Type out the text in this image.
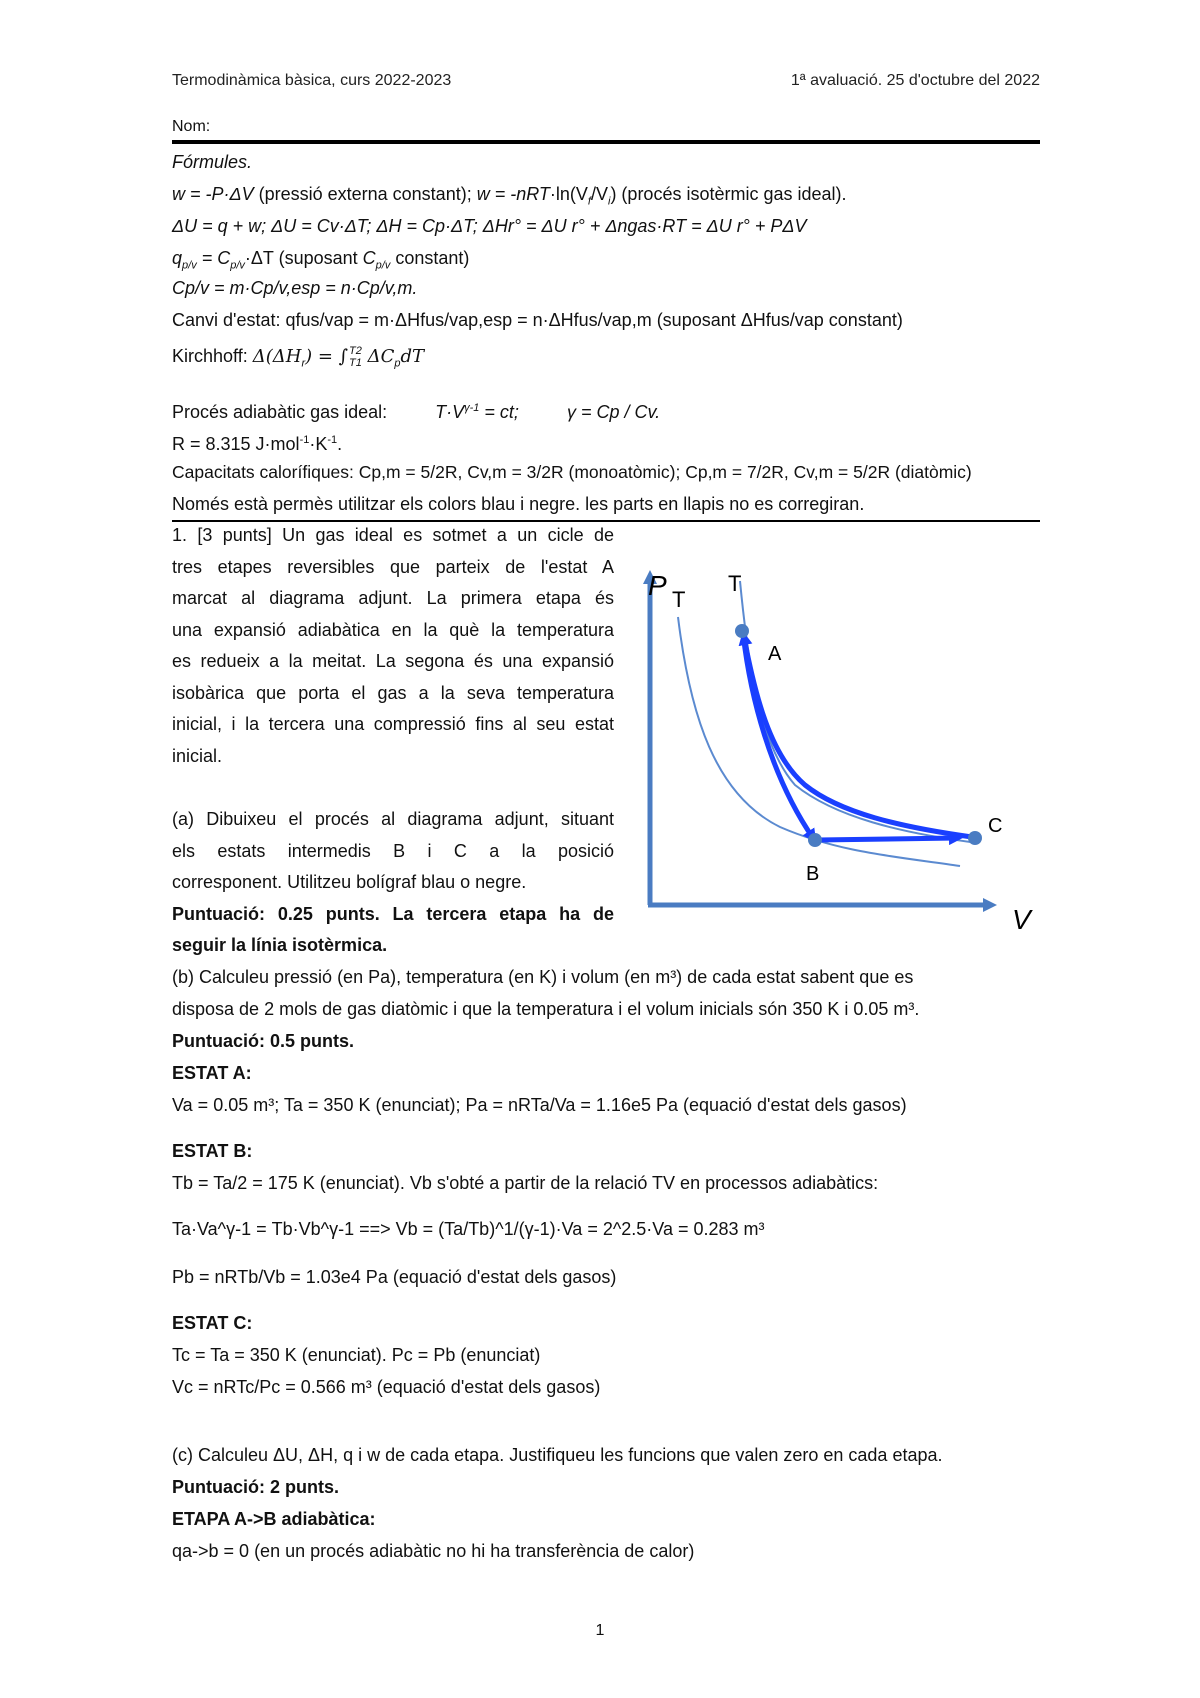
Termodinàmica bàsica, curs 2022-2023	1ª avaluació. 25 d'octubre del 2022
Nom:
Fórmules.
w = -P·ΔV (pressió externa constant); $w = -nRT\cdot\ln(V_f/V_i)$ (procés isotèrmic gas ideal).
ΔU = q + w; ΔU = Cv·ΔT; ΔH = Cp·ΔT; ΔHr° = ΔU r° + Δngas·RT = ΔU r° + PΔV
$q_{p/v} = C_{p/v}\cdot\Delta T$ (suposant $C_{p/v}$ constant)
Cp/v = m·Cp/v,esp = n·Cp/v,m.
Canvi d'estat: qfus/vap = m·ΔHfus/vap,esp = n·ΔHfus/vap,m (suposant ΔHfus/vap constant)
Kirchhoff: $\Delta(\Delta H_r) = \int T2$
T1 $\Delta C_pdT$
Procés adiabàtic gas ideal:	$T\cdot V^{\gamma-1}$ = ct;	γ = Cp / Cv.
R = 8.315 $J\cdot mol^{-1}\cdot K^{-1}$.
Capacitats calorífiques: Cp,m = 5/2R, Cv,m = 3/2R (monoatòmic); Cp,m = 7/2R, Cv,m = 5/2R (diatòmic)
Només està permès utilitzar els colors blau i negre. les parts en llapis no es corregiran.
1. [3 punts] Un gas ideal es sotmet a un cicle de
tres etapes reversibles que parteix de l'estat A
marcat al diagrama adjunt. La primera etapa és
una expansió adiabàtica en la què la temperatura
es redueix a la meitat. La segona és una expansió
isobàrica que porta el gas a la seva temperatura
inicial, i la tercera una compressió fins al seu estat
inicial.
(a) Dibuixeu el procés al diagrama adjunt, situant
els estats intermedis B i C a la posició
corresponent. Utilitzeu bolígraf blau o negre.
Puntuació: 0.25 punts. La tercera etapa ha de
seguir la línia isotèrmica.
P
V
T
T
A
B
C
(b) Calculeu pressió (en Pa), temperatura (en K) i volum (en m³) de cada estat sabent que es
disposa de 2 mols de gas diatòmic i que la temperatura i el volum inicials són 350 K i 0.05 m³.
Puntuació: 0.5 punts.
ESTAT A:
Va = 0.05 m³; Ta = 350 K (enunciat); Pa = nRTa/Va = 1.16e5 Pa (equació d'estat dels gasos)
ESTAT B:
Tb = Ta/2 = 175 K (enunciat). Vb s'obté a partir de la relació TV en processos adiabàtics:
Ta·Va^γ-1 = Tb·Vb^γ-1 ==> Vb = (Ta/Tb)^1/(γ-1)·Va = 2^2.5·Va = 0.283 m³
Pb = nRTb/Vb = 1.03e4 Pa (equació d'estat dels gasos)
ESTAT C:
Tc = Ta = 350 K (enunciat). Pc = Pb (enunciat)
Vc = nRTc/Pc = 0.566 m³ (equació d'estat dels gasos)
(c) Calculeu ΔU, ΔH, q i w de cada etapa. Justifiqueu les funcions que valen zero en cada etapa.
Puntuació: 2 punts.
ETAPA A->B adiabàtica:
qa->b = 0 (en un procés adiabàtic no hi ha transferència de calor)
1
